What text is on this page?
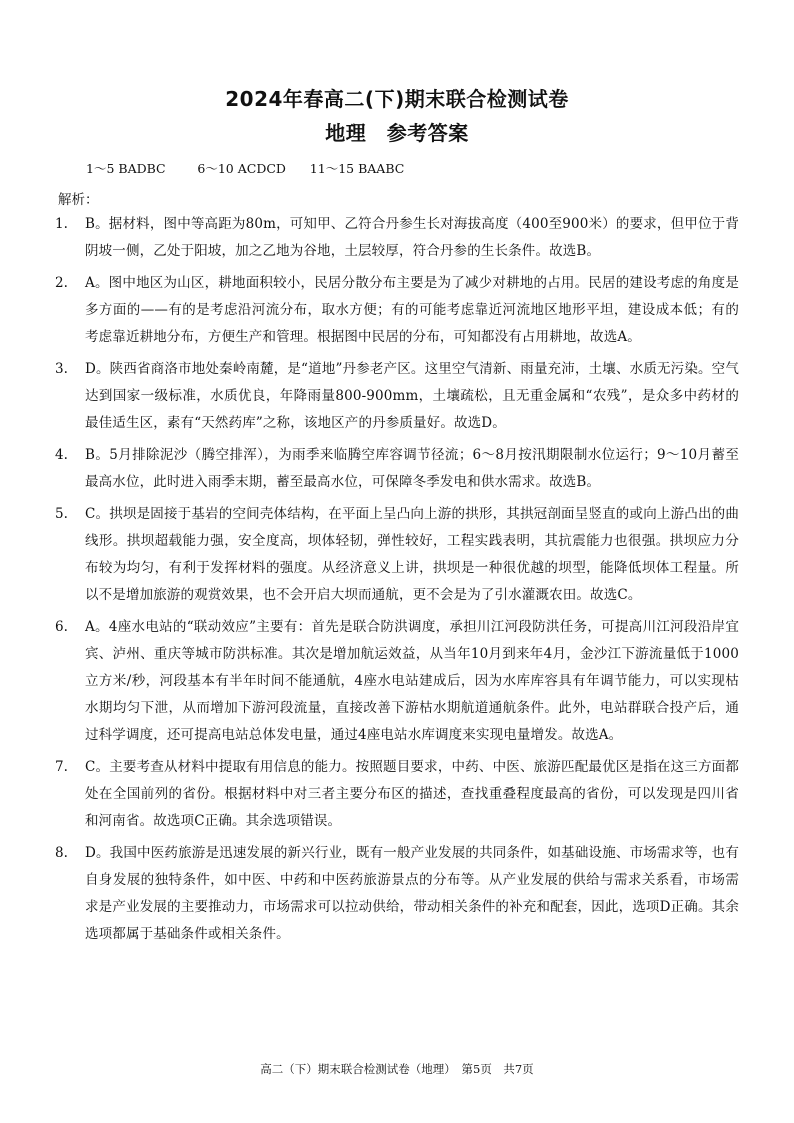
2024年春高二(下)期末联合检测试卷
地理　参考答案
1～5 BADBC	6～10 ACDCD 11～15 BAABC
解析：
1.	B。据材料，图中等高距为80m，可知甲、乙符合丹参生长对海拔高度（400至900米）的要求，但甲位于背阴坡一侧，乙处于阳坡，加之乙地为谷地，土层较厚，符合丹参的生长条件。故选B。
2.	A。图中地区为山区，耕地面积较小，民居分散分布主要是为了减少对耕地的占用。民居的建设考虑的角度是多方面的——有的是考虑沿河流分布，取水方便；有的可能考虑靠近河流地区地形平坦，建设成本低；有的考虑靠近耕地分布，方便生产和管理。根据图中民居的分布，可知都没有占用耕地，故选A。
3.	D。陕西省商洛市地处秦岭南麓，是“道地”丹参老产区。这里空气清新、雨量充沛，土壤、水质无污染。空气达到国家一级标准，水质优良，年降雨量800-900mm，土壤疏松，且无重金属和“农残”，是众多中药材的最佳适生区，素有“天然药库”之称，该地区产的丹参质量好。故选D。
4.	B。5月排除泥沙（腾空排浑），为雨季来临腾空库容调节径流；6～8月按汛期限制水位运行；9～10月蓄至最高水位，此时进入雨季末期，蓄至最高水位，可保障冬季发电和供水需求。故选B。
5.	C。拱坝是固接于基岩的空间壳体结构，在平面上呈凸向上游的拱形，其拱冠剖面呈竖直的或向上游凸出的曲线形。拱坝超载能力强，安全度高，坝体轻韧，弹性较好，工程实践表明，其抗震能力也很强。拱坝应力分布较为均匀，有利于发挥材料的强度。从经济意义上讲，拱坝是一种很优越的坝型，能降低坝体工程量。所以不是增加旅游的观赏效果，也不会开启大坝而通航，更不会是为了引水灌溉农田。故选C。
6.	A。4座水电站的“联动效应”主要有：首先是联合防洪调度，承担川江河段防洪任务，可提高川江河段沿岸宜宾、泸州、重庆等城市防洪标准。其次是增加航运效益，从当年10月到来年4月，金沙江下游流量低于1000立方米/秒，河段基本有半年时间不能通航，4座水电站建成后，因为水库库容具有年调节能力，可以实现枯水期均匀下泄，从而增加下游河段流量，直接改善下游枯水期航道通航条件。此外，电站群联合投产后，通过科学调度，还可提高电站总体发电量，通过4座电站水库调度来实现电量增发。故选A。
7.	C。主要考查从材料中提取有用信息的能力。按照题目要求，中药、中医、旅游匹配最优区是指在这三方面都处在全国前列的省份。根据材料中对三者主要分布区的描述，查找重叠程度最高的省份，可以发现是四川省和河南省。故选项C正确。其余选项错误。
8.	D。我国中医药旅游是迅速发展的新兴行业，既有一般产业发展的共同条件，如基础设施、市场需求等，也有自身发展的独特条件，如中医、中药和中医药旅游景点的分布等。从产业发展的供给与需求关系看，市场需求是产业发展的主要推动力，市场需求可以拉动供给，带动相关条件的补充和配套，因此，选项D正确。其余选项都属于基础条件或相关条件。
高二（下）期末联合检测试卷（地理）　第5页　共7页
